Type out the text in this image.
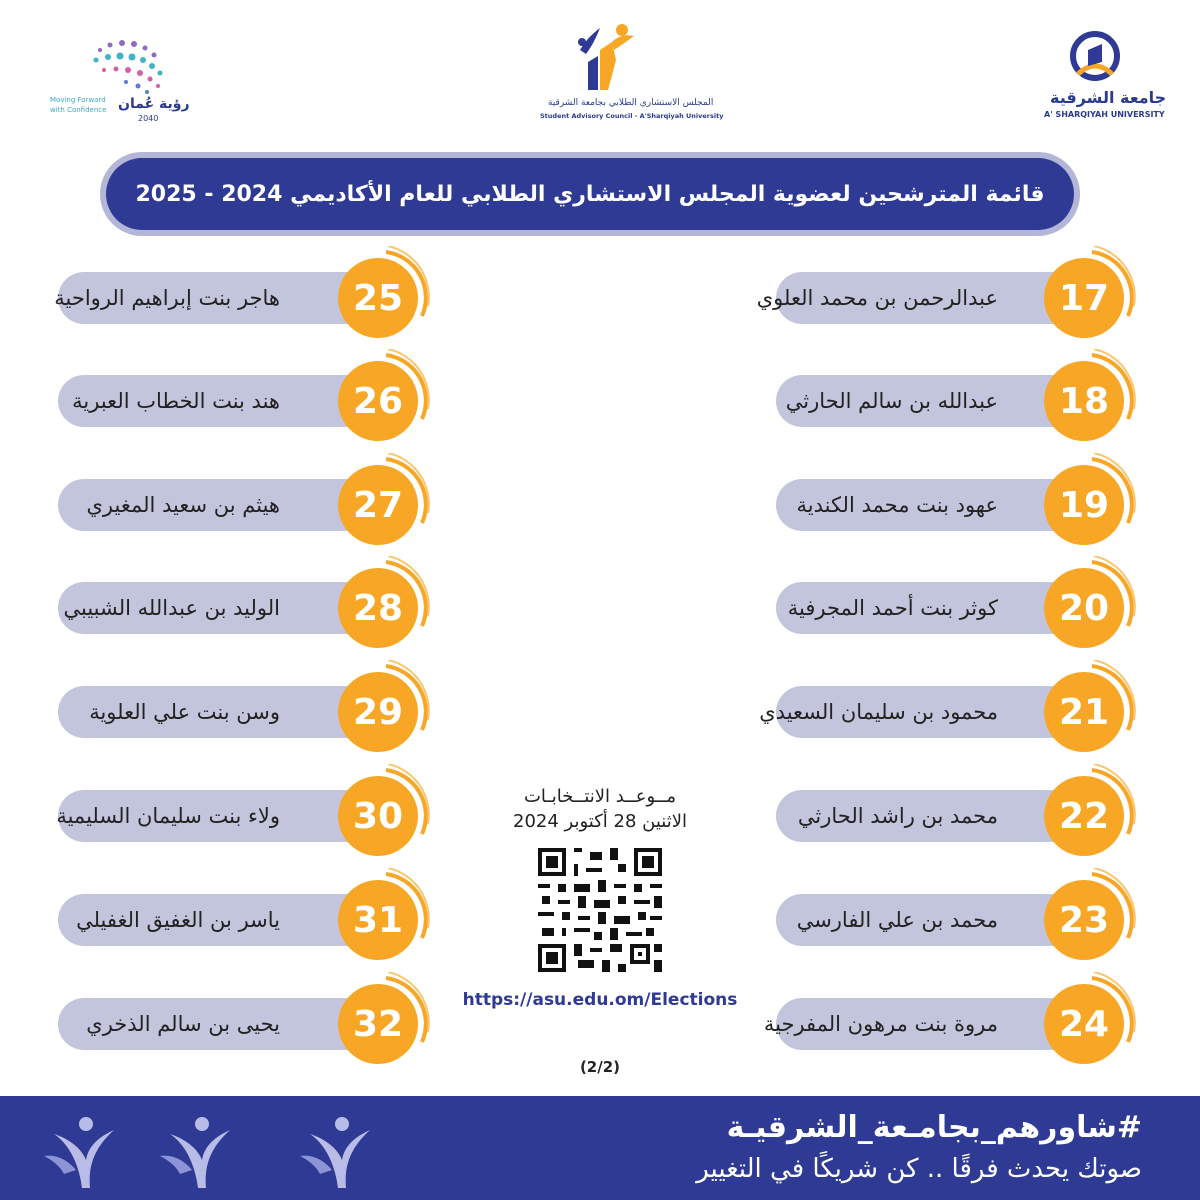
رؤية عُمان
2040
Moving Forward
with Confidence
المجلس الاستشاري الطلابي بجامعة الشرقية
Student Advisory Council - A'Sharqiyah University
جامعة الشرقية
A' SHARQIYAH UNIVERSITY
قائمة المترشحين لعضوية المجلس الاستشاري الطلابي للعام الأكاديمي 2024 - 2025
عبدالرحمن بن محمد العلوي	17
عبدالله بن سالم الحارثي	18
عهود بنت محمد الكندية	19
كوثر بنت أحمد المجرفية	20
محمود بن سليمان السعيدي	21
محمد بن راشد الحارثي	22
محمد بن علي الفارسي	23
مروة بنت مرهون المفرجية	24
هاجر بنت إبراهيم الرواحية	25
هند بنت الخطاب العبرية	26
هيثم بن سعيد المغيري	27
الوليد بن عبدالله الشبيبي	28
وسن بنت علي العلوية	29
ولاء بنت سليمان السليمية	30
ياسر بن الغفيق الغفيلي	31
يحيى بن سالم الذخري	32
مــوعــد الانتــخابـات
الاثنين 28 أكتوبر 2024
https://asu.edu.om/Elections
(2/2)
#شاورهم_بجامـعة_الشرقيـة
صوتك يحدث فرقًا .. كن شريكًا في التغيير
